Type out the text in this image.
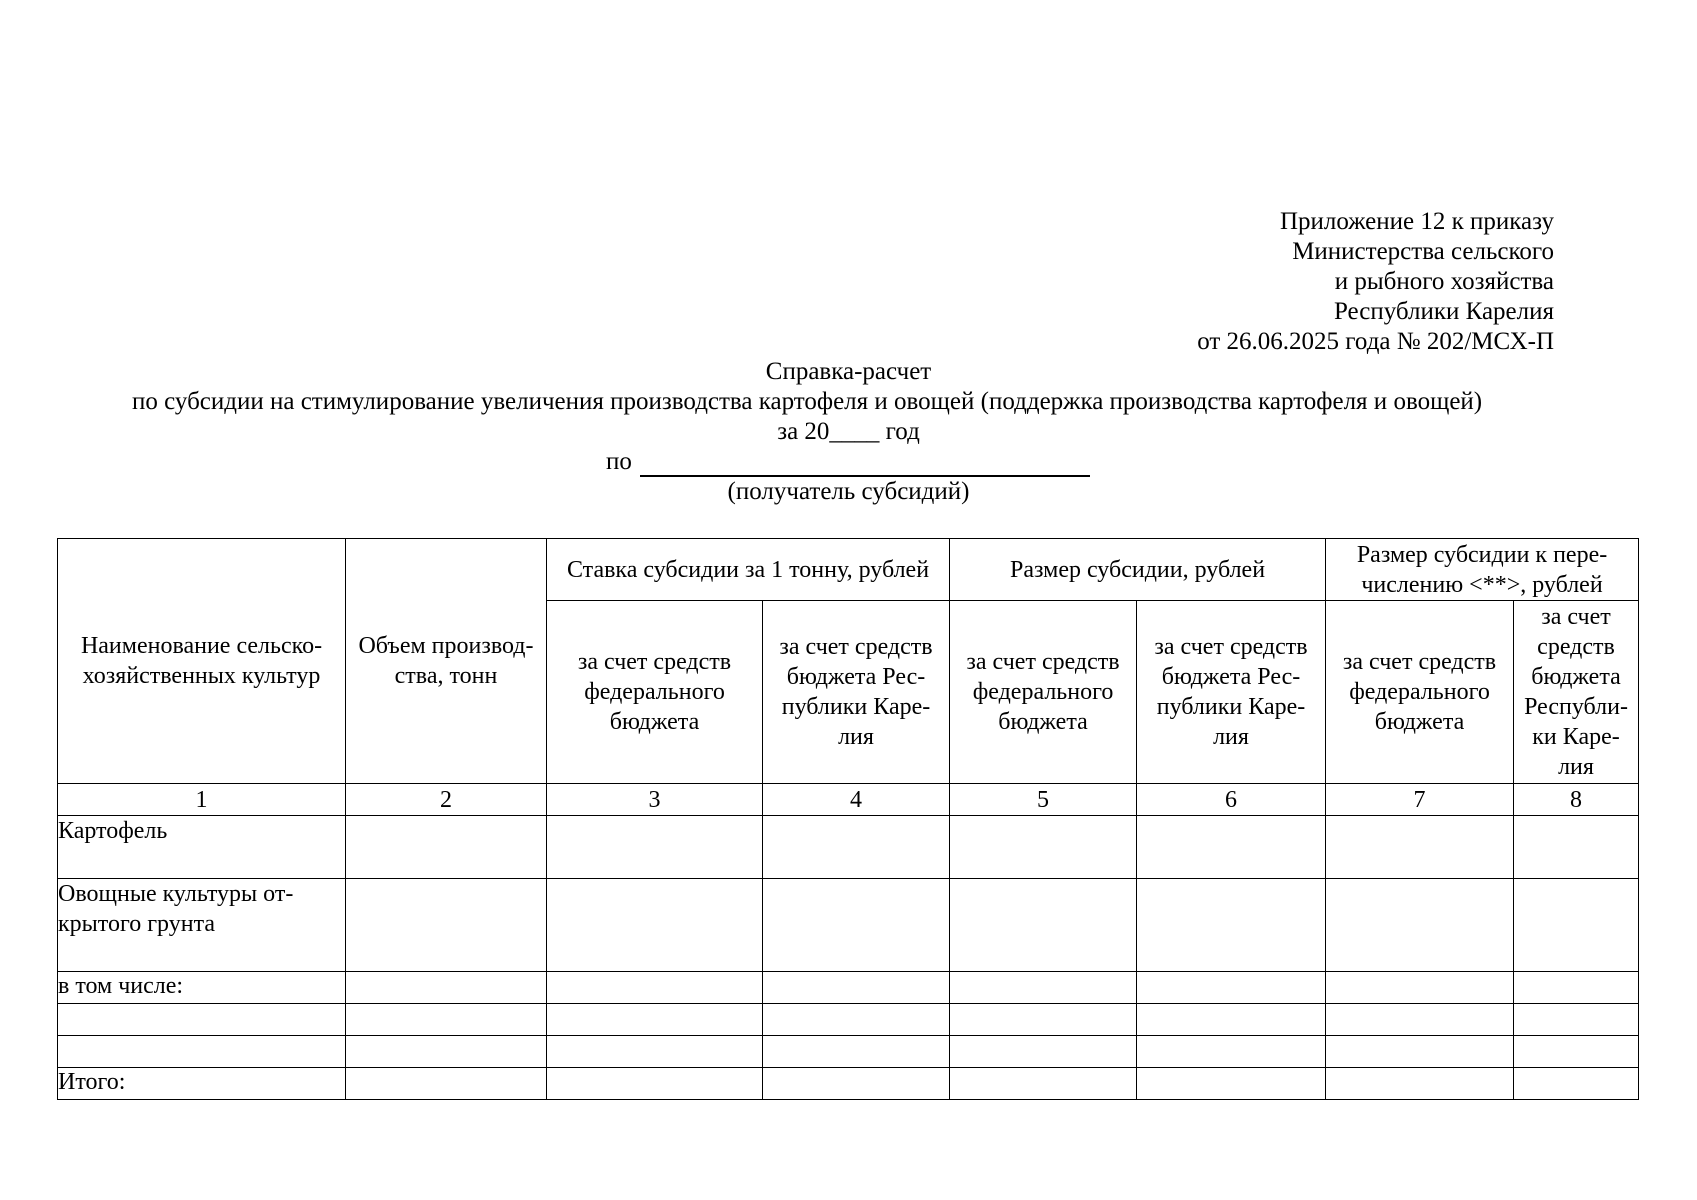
Приложение 12 к приказу
Министерства сельского
и рыбного хозяйства
Республики Карелия
от 26.06.2025 года № 202/МСХ-П
Справка-расчет
по субсидии на стимулирование увеличения производства картофеля и овощей (поддержка производства картофеля и овощей)
за 20____ год
по
(получатель субсидий)
Наименование сельско-хозяйственных культур	Объем производ-ства, тонн	Ставка субсидии за 1 тонну, рублей		Размер субсидии, рублей		Размер субсидии к пере-числению <**>, рублей	
		за счет средств федерального бюджета	за счет средств бюджета Рес-публики Каре-лия	за счет средств федерального бюджета	за счет средств бюджета Рес-публики Каре-лия	за счет средств федерального бюджета	за счет средств бюджета Республи-ки Каре-лия
1	2	3	4	5	6	7	8
Картофель							
Овощные культуры от-крытого грунта							
в том числе:							

Итого:							
